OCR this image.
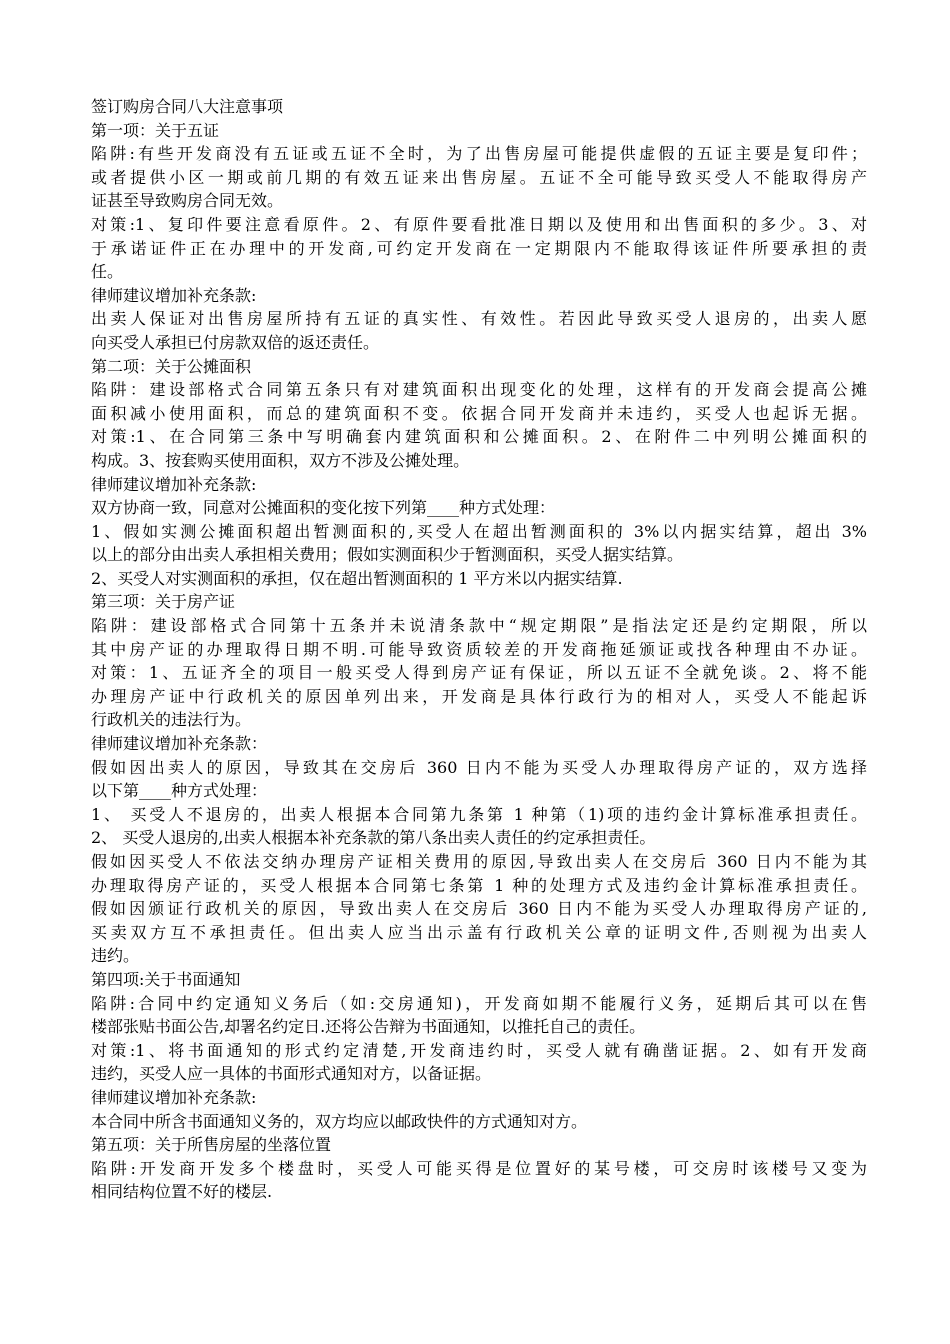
签订购房合同八大注意事项
第一项：关于五证
陷阱:有些开发商没有五证或五证不全时，为了出售房屋可能提供虚假的五证主要是复印件；
或者提供小区一期或前几期的有效五证来出售房屋。五证不全可能导致买受人不能取得房产
证甚至导致购房合同无效。
对策:1、复印件要注意看原件。2、有原件要看批准日期以及使用和出售面积的多少。3、对
于承诺证件正在办理中的开发商,可约定开发商在一定期限内不能取得该证件所要承担的责
任。
律师建议增加补充条款:
出卖人保证对出售房屋所持有五证的真实性、有效性。若因此导致买受人退房的，出卖人愿
向买受人承担已付房款双倍的返还责任。
第二项：关于公摊面积
陷阱：建设部格式合同第五条只有对建筑面积出现变化的处理，这样有的开发商会提高公摊
面积减小使用面积，而总的建筑面积不变。依据合同开发商并未违约，买受人也起诉无据。
对策:1、在合同第三条中写明确套内建筑面积和公摊面积。2、在附件二中列明公摊面积的
构成。3、按套购买使用面积，双方不涉及公摊处理。
律师建议增加补充条款:
双方协商一致，同意对公摊面积的变化按下列第____种方式处理：
1、假如实测公摊面积超出暂测面积的,买受人在超出暂测面积的 3%以内据实结算，超出 3%
以上的部分由出卖人承担相关费用；假如实测面积少于暂测面积，买受人据实结算。
2、买受人对实测面积的承担，仅在超出暂测面积的 1 平方米以内据实结算.
第三项：关于房产证
陷阱：建设部格式合同第十五条并未说清条款中“规定期限”是指法定还是约定期限，所以
其中房产证的办理取得日期不明.可能导致资质较差的开发商拖延颁证或找各种理由不办证。
对策：1、五证齐全的项目一般买受人得到房产证有保证，所以五证不全就免谈。2、将不能
办理房产证中行政机关的原因单列出来，开发商是具体行政行为的相对人，买受人不能起诉
行政机关的违法行为。
律师建议增加补充条款：
假如因出卖人的原因，导致其在交房后 360 日内不能为买受人办理取得房产证的，双方选择
以下第____种方式处理：
1、 买受人不退房的，出卖人根据本合同第九条第 1 种第（1)项的违约金计算标准承担责任。
2、 买受人退房的,出卖人根据本补充条款的第八条出卖人责任的约定承担责任。
假如因买受人不依法交纳办理房产证相关费用的原因,导致出卖人在交房后 360 日内不能为其
办理取得房产证的，买受人根据本合同第七条第 1 种的处理方式及违约金计算标准承担责任。
假如因颁证行政机关的原因，导致出卖人在交房后 360 日内不能为买受人办理取得房产证的,
买卖双方互不承担责任。但出卖人应当出示盖有行政机关公章的证明文件,否则视为出卖人
违约。
第四项:关于书面通知
陷阱:合同中约定通知义务后（如:交房通知)，开发商如期不能履行义务，延期后其可以在售
楼部张贴书面公告,却署名约定日.还将公告辩为书面通知，以推托自己的责任。
对策:1、将书面通知的形式约定清楚,开发商违约时，买受人就有确凿证据。2、如有开发商
违约，买受人应一具体的书面形式通知对方，以备证据。
律师建议增加补充条款:
本合同中所含书面通知义务的，双方均应以邮政快件的方式通知对方。
第五项：关于所售房屋的坐落位置
陷阱:开发商开发多个楼盘时，买受人可能买得是位置好的某号楼，可交房时该楼号又变为
相同结构位置不好的楼层.
